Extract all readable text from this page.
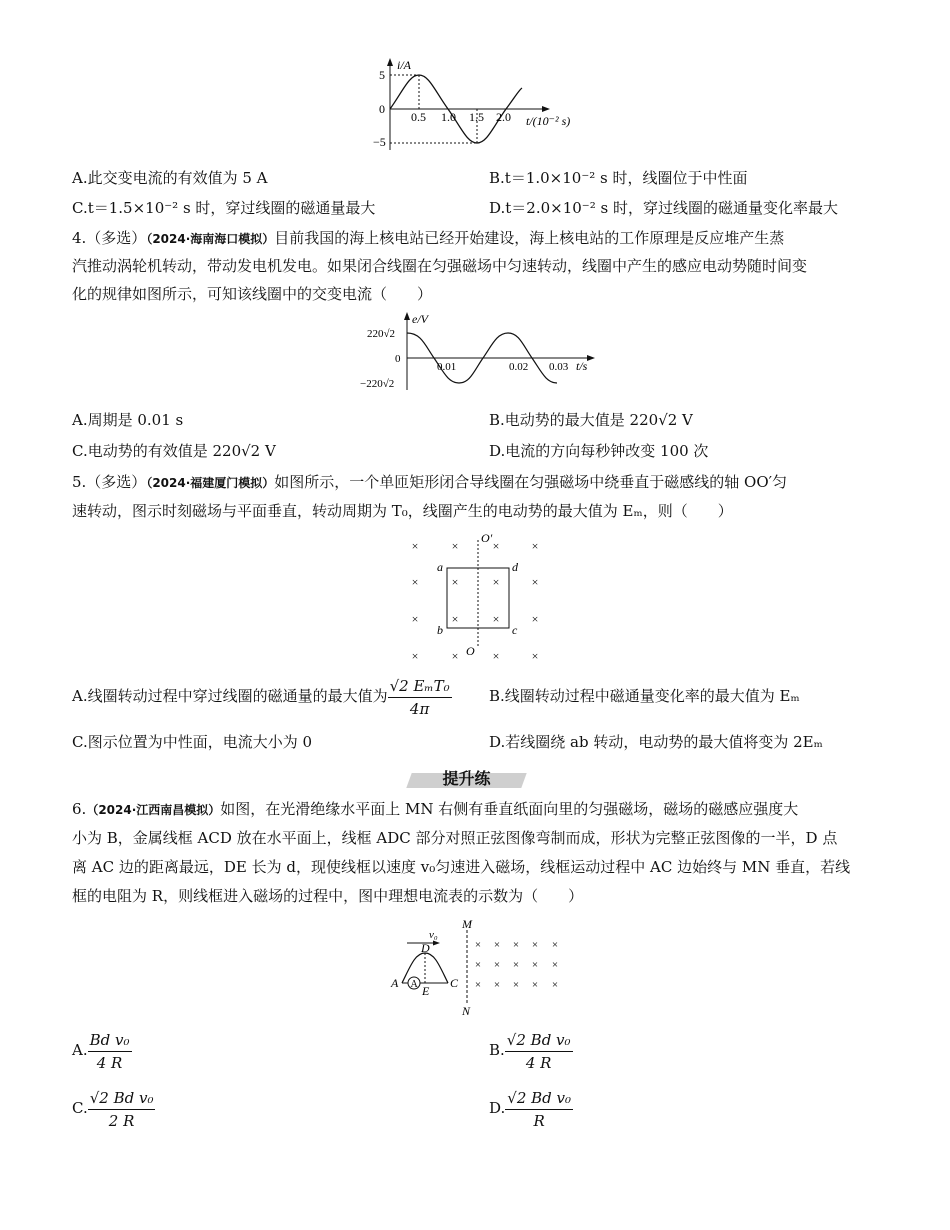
i/A
5
0
−5
0.5 1.0 1.5 2.0 t/(10⁻² s)
A.此交变电流的有效值为 5 A	B.t＝1.0×10⁻² s 时，线圈位于中性面
C.t＝1.5×10⁻² s 时，穿过线圈的磁通量最大	D.t＝2.0×10⁻² s 时，穿过线圈的磁通量变化率最大
4.（多选）（2024·海南海口模拟）目前我国的海上核电站已经开始建设，海上核电站的工作原理是反应堆产生蒸
汽推动涡轮机转动，带动发电机发电。如果闭合线圈在匀强磁场中匀速转动，线圈中产生的感应电动势随时间变
化的规律如图所示，可知该线圈中的交变电流（　　）
e/V
220√2
0
−220√2
0.01	0.02 0.03 t/s
A.周期是 0.01 s	B.电动势的最大值是 220√2 V
C.电动势的有效值是 220√2 V	D.电流的方向每秒钟改变 100 次
5.（多选）（2024·福建厦门模拟）如图所示，一个单匝矩形闭合导线圈在匀强磁场中绕垂直于磁感线的轴 OO′匀
速转动，图示时刻磁场与平面垂直，转动周期为 T₀，线圈产生的电动势的最大值为 Eₘ，则（　　）
×	×	×	×
×	×	×	×
×	×	×	×
×	×	×	×
O′
O
a	d
b	c
A.线圈转动过程中穿过线圈的磁通量的最大值为 $\frac{\text{√2 EₘT₀}}{4\pi} B$.线圈转动过程中磁通量变化率的最大值为 Eₘ
C.图示位置为中性面，电流大小为 0	D.若线圈绕 ab 转动，电动势的最大值将变为 2Eₘ
提升练
6.（2024·江西南昌模拟）如图，在光滑绝缘水平面上 MN 右侧有垂直纸面向里的匀强磁场，磁场的磁感应强度大
小为 B，金属线框 ACD 放在水平面上，线框 ADC 部分对照正弦图像弯制而成，形状为完整正弦图像的一半，D 点
离 AC 边的距离最远，DE 长为 d，现使线框以速度 v₀匀速进入磁场，线框运动过程中 AC 边始终与 MN 垂直，若线
框的电阻为 R，则线框进入磁场的过程中，图中理想电流表的示数为（　　）
M
N
× × × × ×
× × × × ×
× × × × ×
A
v₀
D
A	C
E
A. $\frac{\text{Bd v₀}}{4 R}$	B. $\frac{\text{√2 Bd v₀}}{4 R}$
C. $\frac{\text{√2 Bd v₀}}{2 R}$	D. $\frac{\text{√2 Bd v₀}}{R}$
